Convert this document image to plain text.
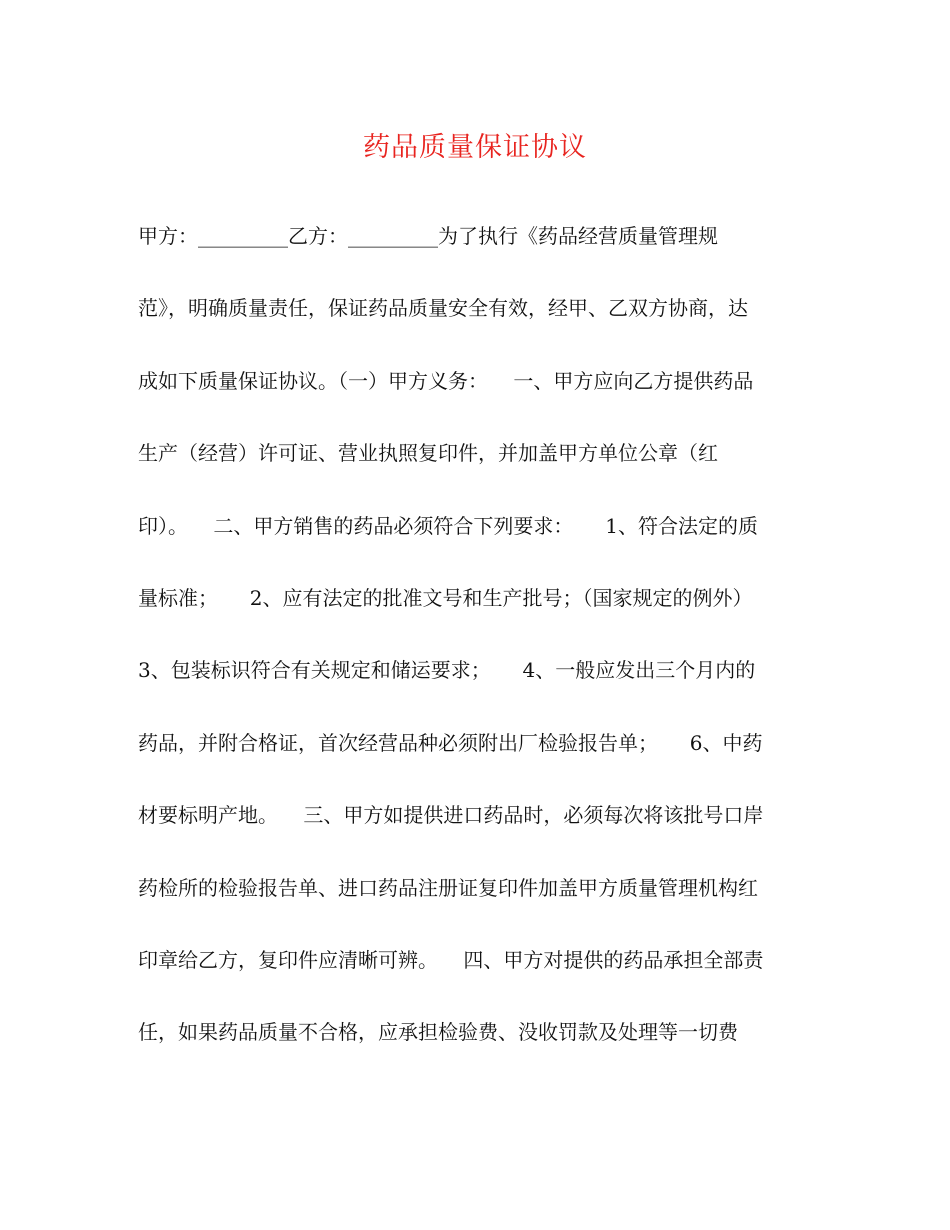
药品质量保证协议
甲方：_________乙方：_________为了执行《药品经营质量管理规
范》，明确质量责任，保证药品质量安全有效，经甲、乙双方协商，达
成如下质量保证协议。（一）甲方义务：    一、甲方应向乙方提供药品
生产（经营）许可证、营业执照复印件，并加盖甲方单位公章（红
印）。    二、甲方销售的药品必须符合下列要求：     1、符合法定的质
量标准；     2、应有法定的批准文号和生产批号；（国家规定的例外）
3、包装标识符合有关规定和储运要求；     4、一般应发出三个月内的
药品，并附合格证，首次经营品种必须附出厂检验报告单；     6、中药
材要标明产地。    三、甲方如提供进口药品时，必须每次将该批号口岸
药检所的检验报告单、进口药品注册证复印件加盖甲方质量管理机构红
印章给乙方，复印件应清晰可辨。    四、甲方对提供的药品承担全部责
任，如果药品质量不合格，应承担检验费、没收罚款及处理等一切费
